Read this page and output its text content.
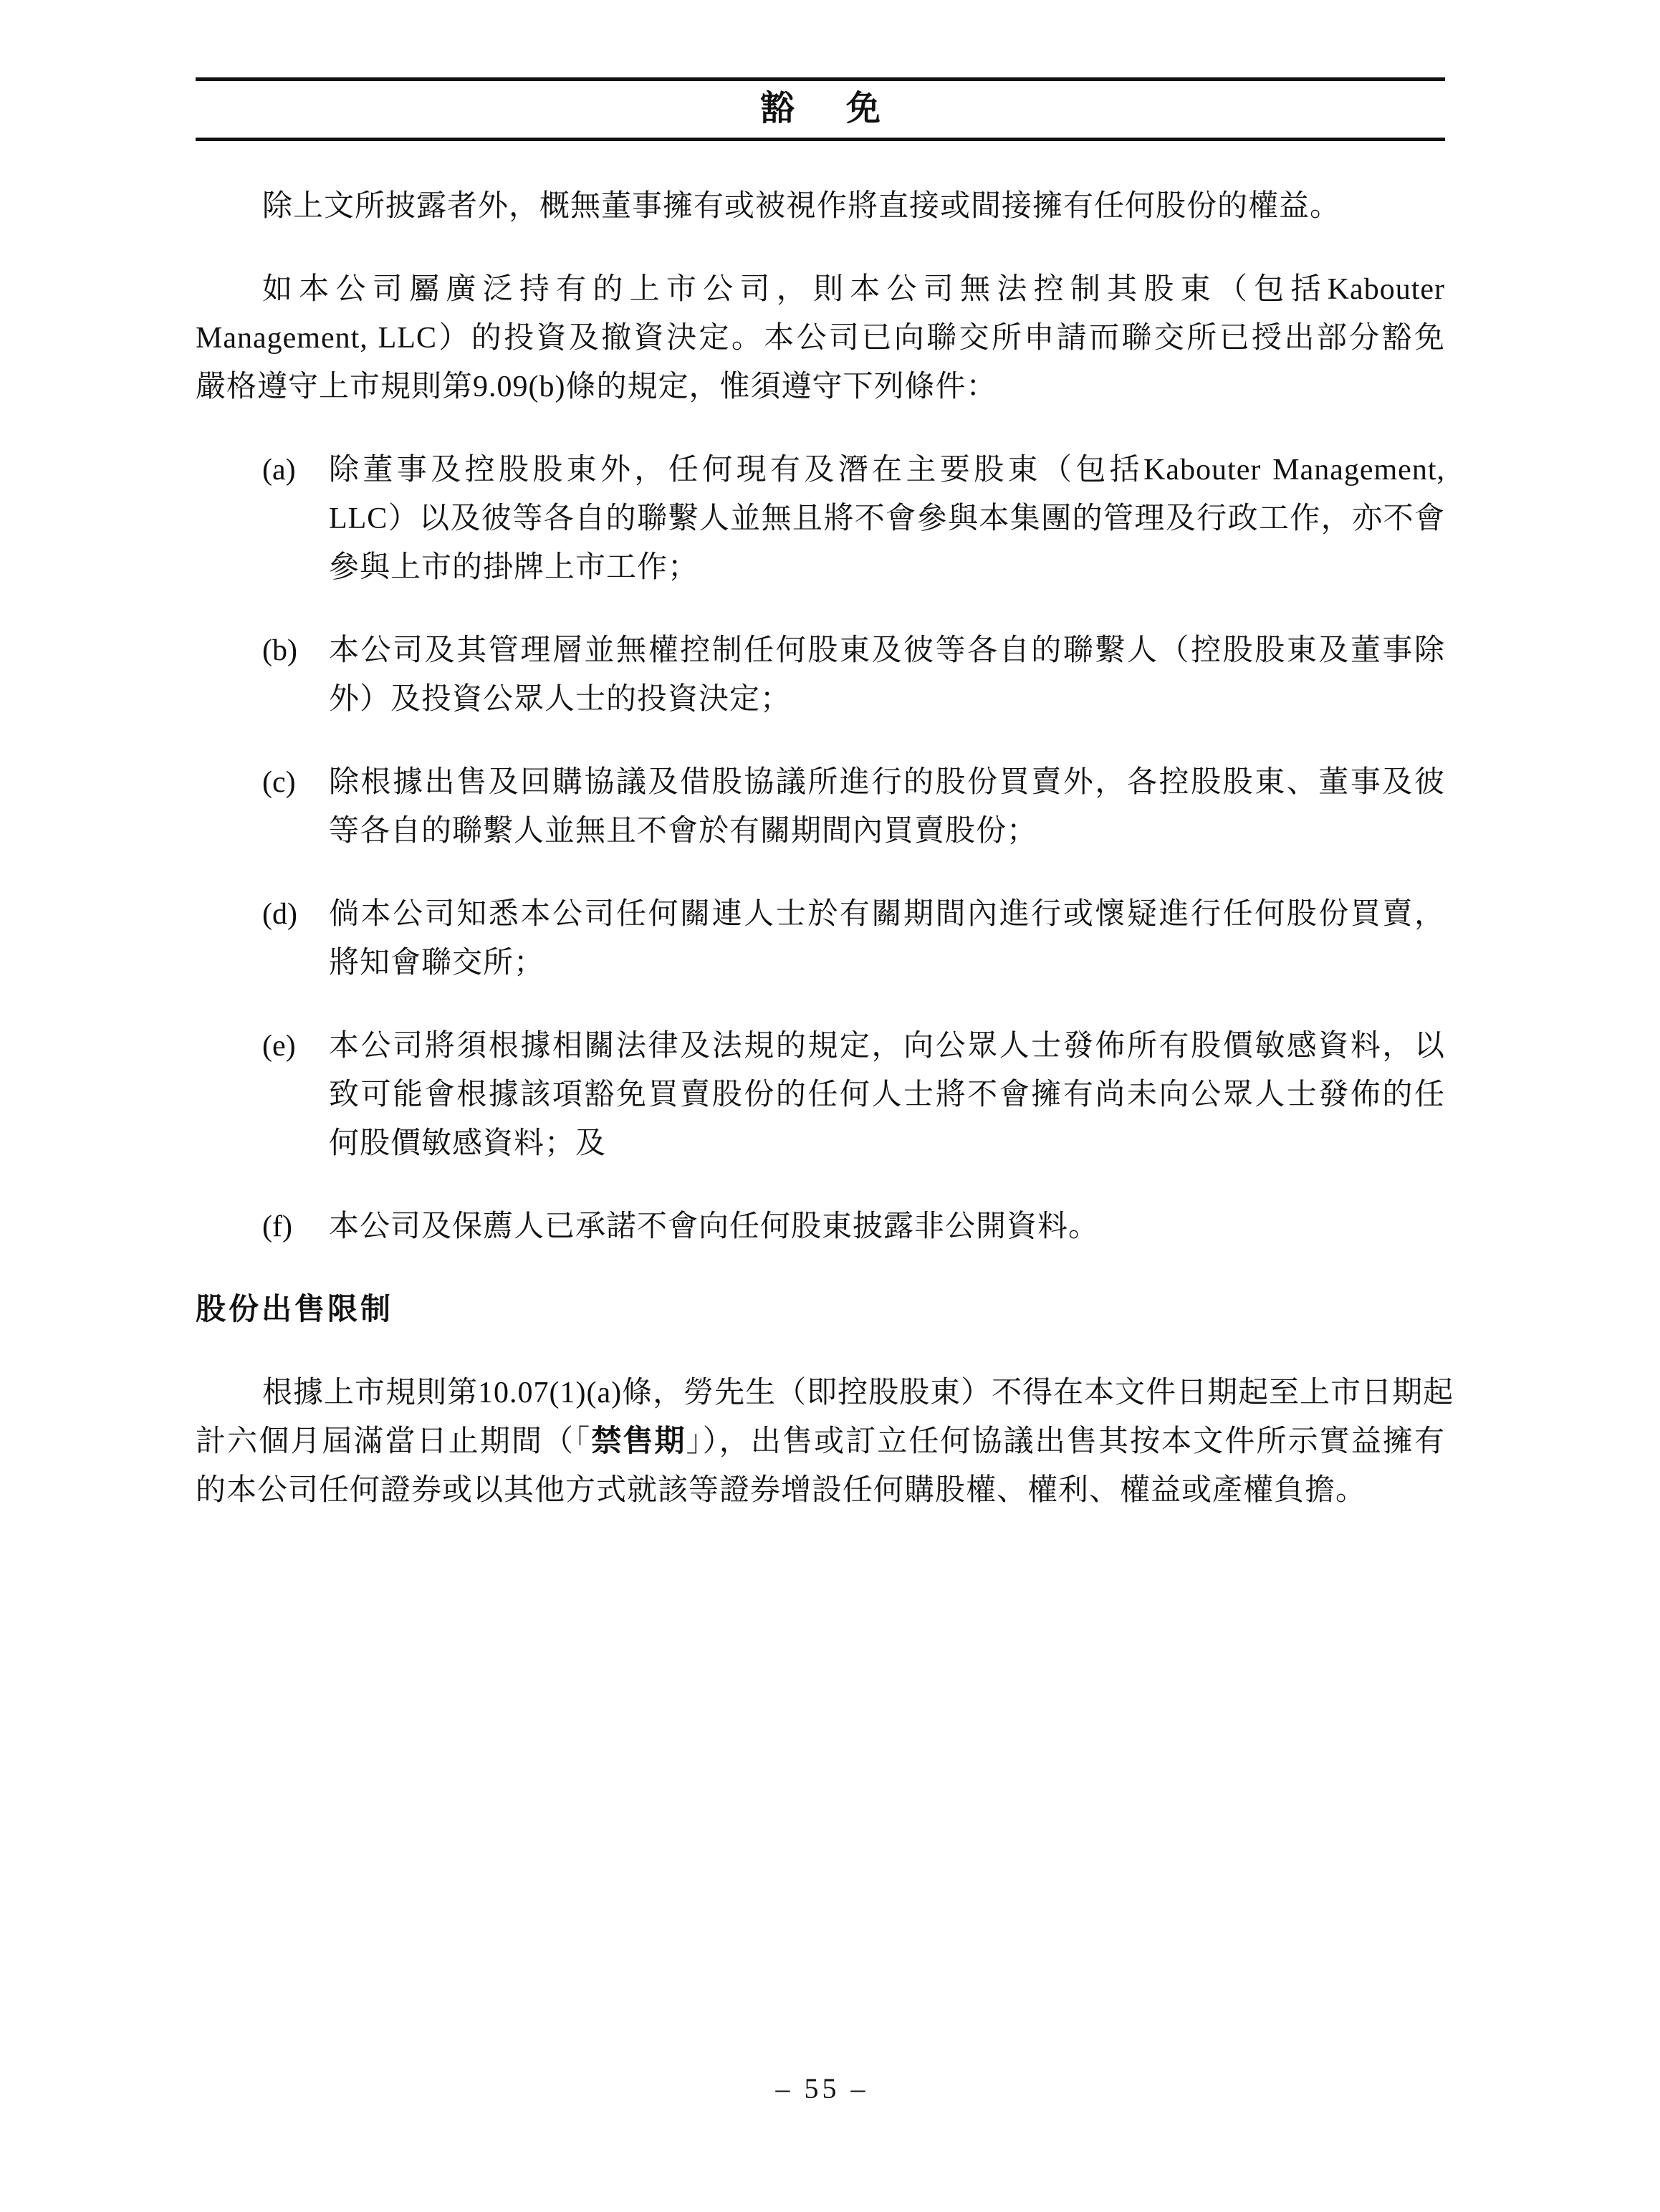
豁　免
除上文所披露者外，概無董事擁有或被視作將直接或間接擁有任何股份的權益。
如本公司屬廣泛持有的上市公司，則本公司無法控制其股東（包括Kabouter
Management, LLC）的投資及撤資決定。本公司已向聯交所申請而聯交所已授出部分豁免
嚴格遵守上市規則第9.09(b)條的規定，惟須遵守下列條件：
(a) 除董事及控股股東外，任何現有及潛在主要股東（包括Kabouter Management,
LLC）以及彼等各自的聯繫人並無且將不會參與本集團的管理及行政工作，亦不會
參與上市的掛牌上市工作；
(b) 本公司及其管理層並無權控制任何股東及彼等各自的聯繫人（控股股東及董事除
外）及投資公眾人士的投資決定；
(c) 除根據出售及回購協議及借股協議所進行的股份買賣外，各控股股東、董事及彼
等各自的聯繫人並無且不會於有關期間內買賣股份；
(d) 倘本公司知悉本公司任何關連人士於有關期間內進行或懷疑進行任何股份買賣，
將知會聯交所；
(e) 本公司將須根據相關法律及法規的規定，向公眾人士發佈所有股價敏感資料，以
致可能會根據該項豁免買賣股份的任何人士將不會擁有尚未向公眾人士發佈的任
何股價敏感資料；及
(f) 本公司及保薦人已承諾不會向任何股東披露非公開資料。
股份出售限制
根據上市規則第10.07(1)(a)條，勞先生（即控股股東）不得在本文件日期起至上市日期起
計六個月屆滿當日止期間（「禁售期」），出售或訂立任何協議出售其按本文件所示實益擁有
的本公司任何證券或以其他方式就該等證券增設任何購股權、權利、權益或產權負擔。
– 55 –
